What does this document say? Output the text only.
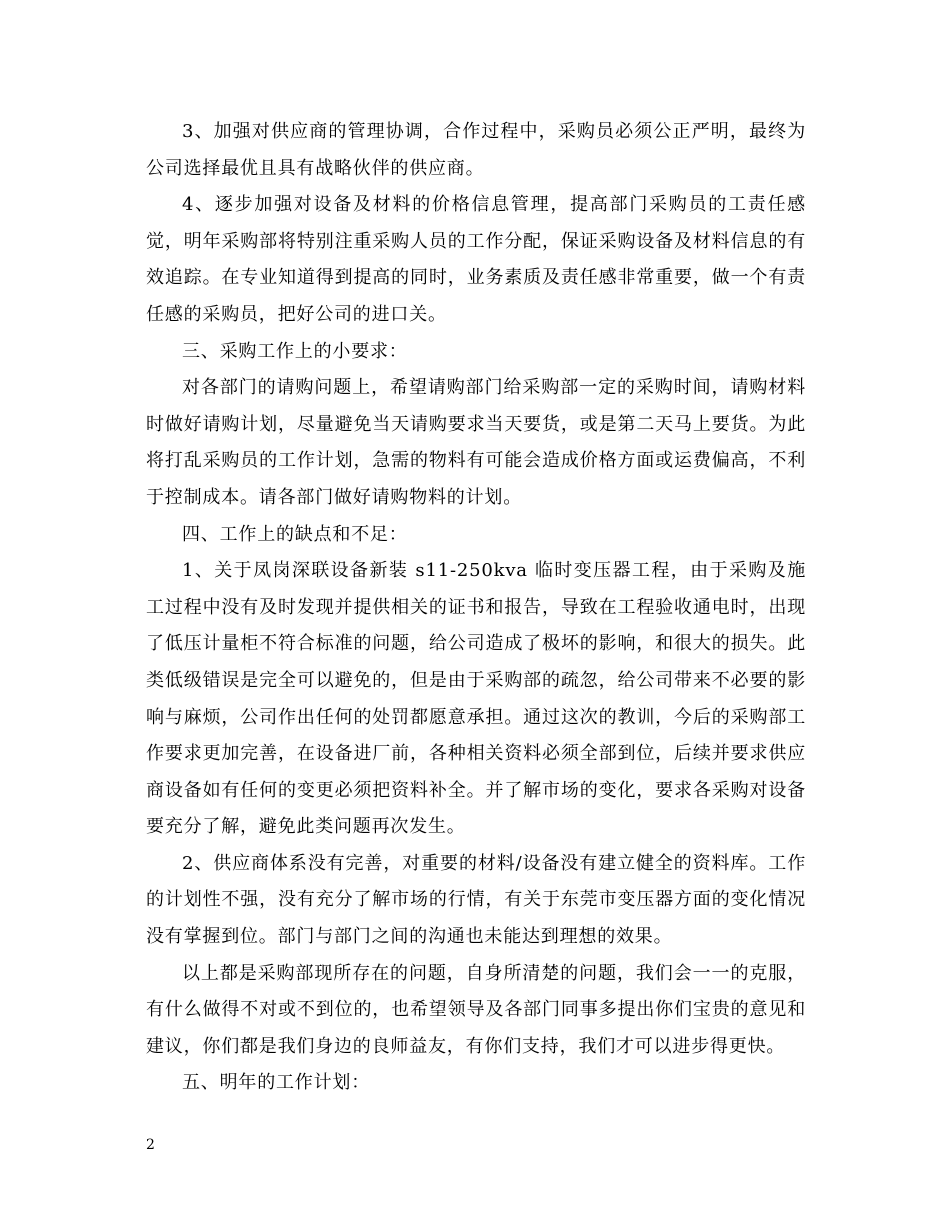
3、加强对供应商的管理协调，合作过程中，采购员必须公正严明，最终为公司选择最优且具有战略伙伴的供应商。

4、逐步加强对设备及材料的价格信息管理，提高部门采购员的工责任感觉，明年采购部将特别注重采购人员的工作分配，保证采购设备及材料信息的有效追踪。在专业知道得到提高的同时，业务素质及责任感非常重要，做一个有责任感的采购员，把好公司的进口关。

三、采购工作上的小要求：

对各部门的请购问题上，希望请购部门给采购部一定的采购时间，请购材料时做好请购计划，尽量避免当天请购要求当天要货，或是第二天马上要货。为此将打乱采购员的工作计划，急需的物料有可能会造成价格方面或运费偏高，不利于控制成本。请各部门做好请购物料的计划。

四、工作上的缺点和不足：

1、关于凤岗深联设备新装 s11-250kva 临时变压器工程，由于采购及施工过程中没有及时发现并提供相关的证书和报告，导致在工程验收通电时，出现了低压计量柜不符合标准的问题，给公司造成了极坏的影响，和很大的损失。此类低级错误是完全可以避免的，但是由于采购部的疏忽，给公司带来不必要的影响与麻烦，公司作出任何的处罚都愿意承担。通过这次的教训，今后的采购部工作要求更加完善，在设备进厂前，各种相关资料必须全部到位，后续并要求供应商设备如有任何的变更必须把资料补全。并了解市场的变化，要求各采购对设备要充分了解，避免此类问题再次发生。

2、供应商体系没有完善，对重要的材料/设备没有建立健全的资料库。工作的计划性不强，没有充分了解市场的行情，有关于东莞市变压器方面的变化情况没有掌握到位。部门与部门之间的沟通也未能达到理想的效果。

以上都是采购部现所存在的问题，自身所清楚的问题，我们会一一的克服，有什么做得不对或不到位的，也希望领导及各部门同事多提出你们宝贵的意见和建议，你们都是我们身边的良师益友，有你们支持，我们才可以进步得更快。

五、明年的工作计划：

2
